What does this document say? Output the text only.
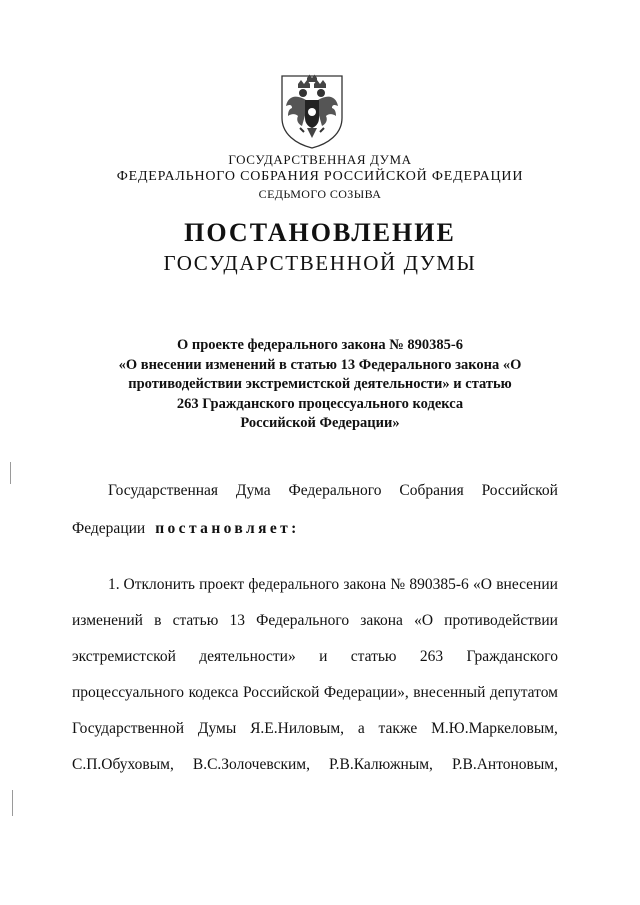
ГОСУДАРСТВЕННАЯ ДУМА
ФЕДЕРАЛЬНОГО СОБРАНИЯ РОССИЙСКОЙ ФЕДЕРАЦИИ
СЕДЬМОГО СОЗЫВА
ПОСТАНОВЛЕНИЕ
ГОСУДАРСТВЕННОЙ ДУМЫ
О проекте федерального закона № 890385-6
«О внесении изменений в статью 13 Федерального закона «О
противодействии экстремистской деятельности» и статью
263 Гражданского процессуального кодекса
Российской Федерации»
Государственная Дума Федерального Собрания Российской
Федерации постановляет:
1. Отклонить проект федерального закона № 890385-6 «О внесении
изменений в статью 13 Федерального закона «О противодействии
экстремистской деятельности» и статью 263 Гражданского
процессуального кодекса Российской Федерации», внесенный депутатом
Государственной Думы Я.Е.Ниловым, а также М.Ю.Маркеловым,
С.П.Обуховым, В.С.Золочевским, Р.В.Калюжным, Р.В.Антоновым,
